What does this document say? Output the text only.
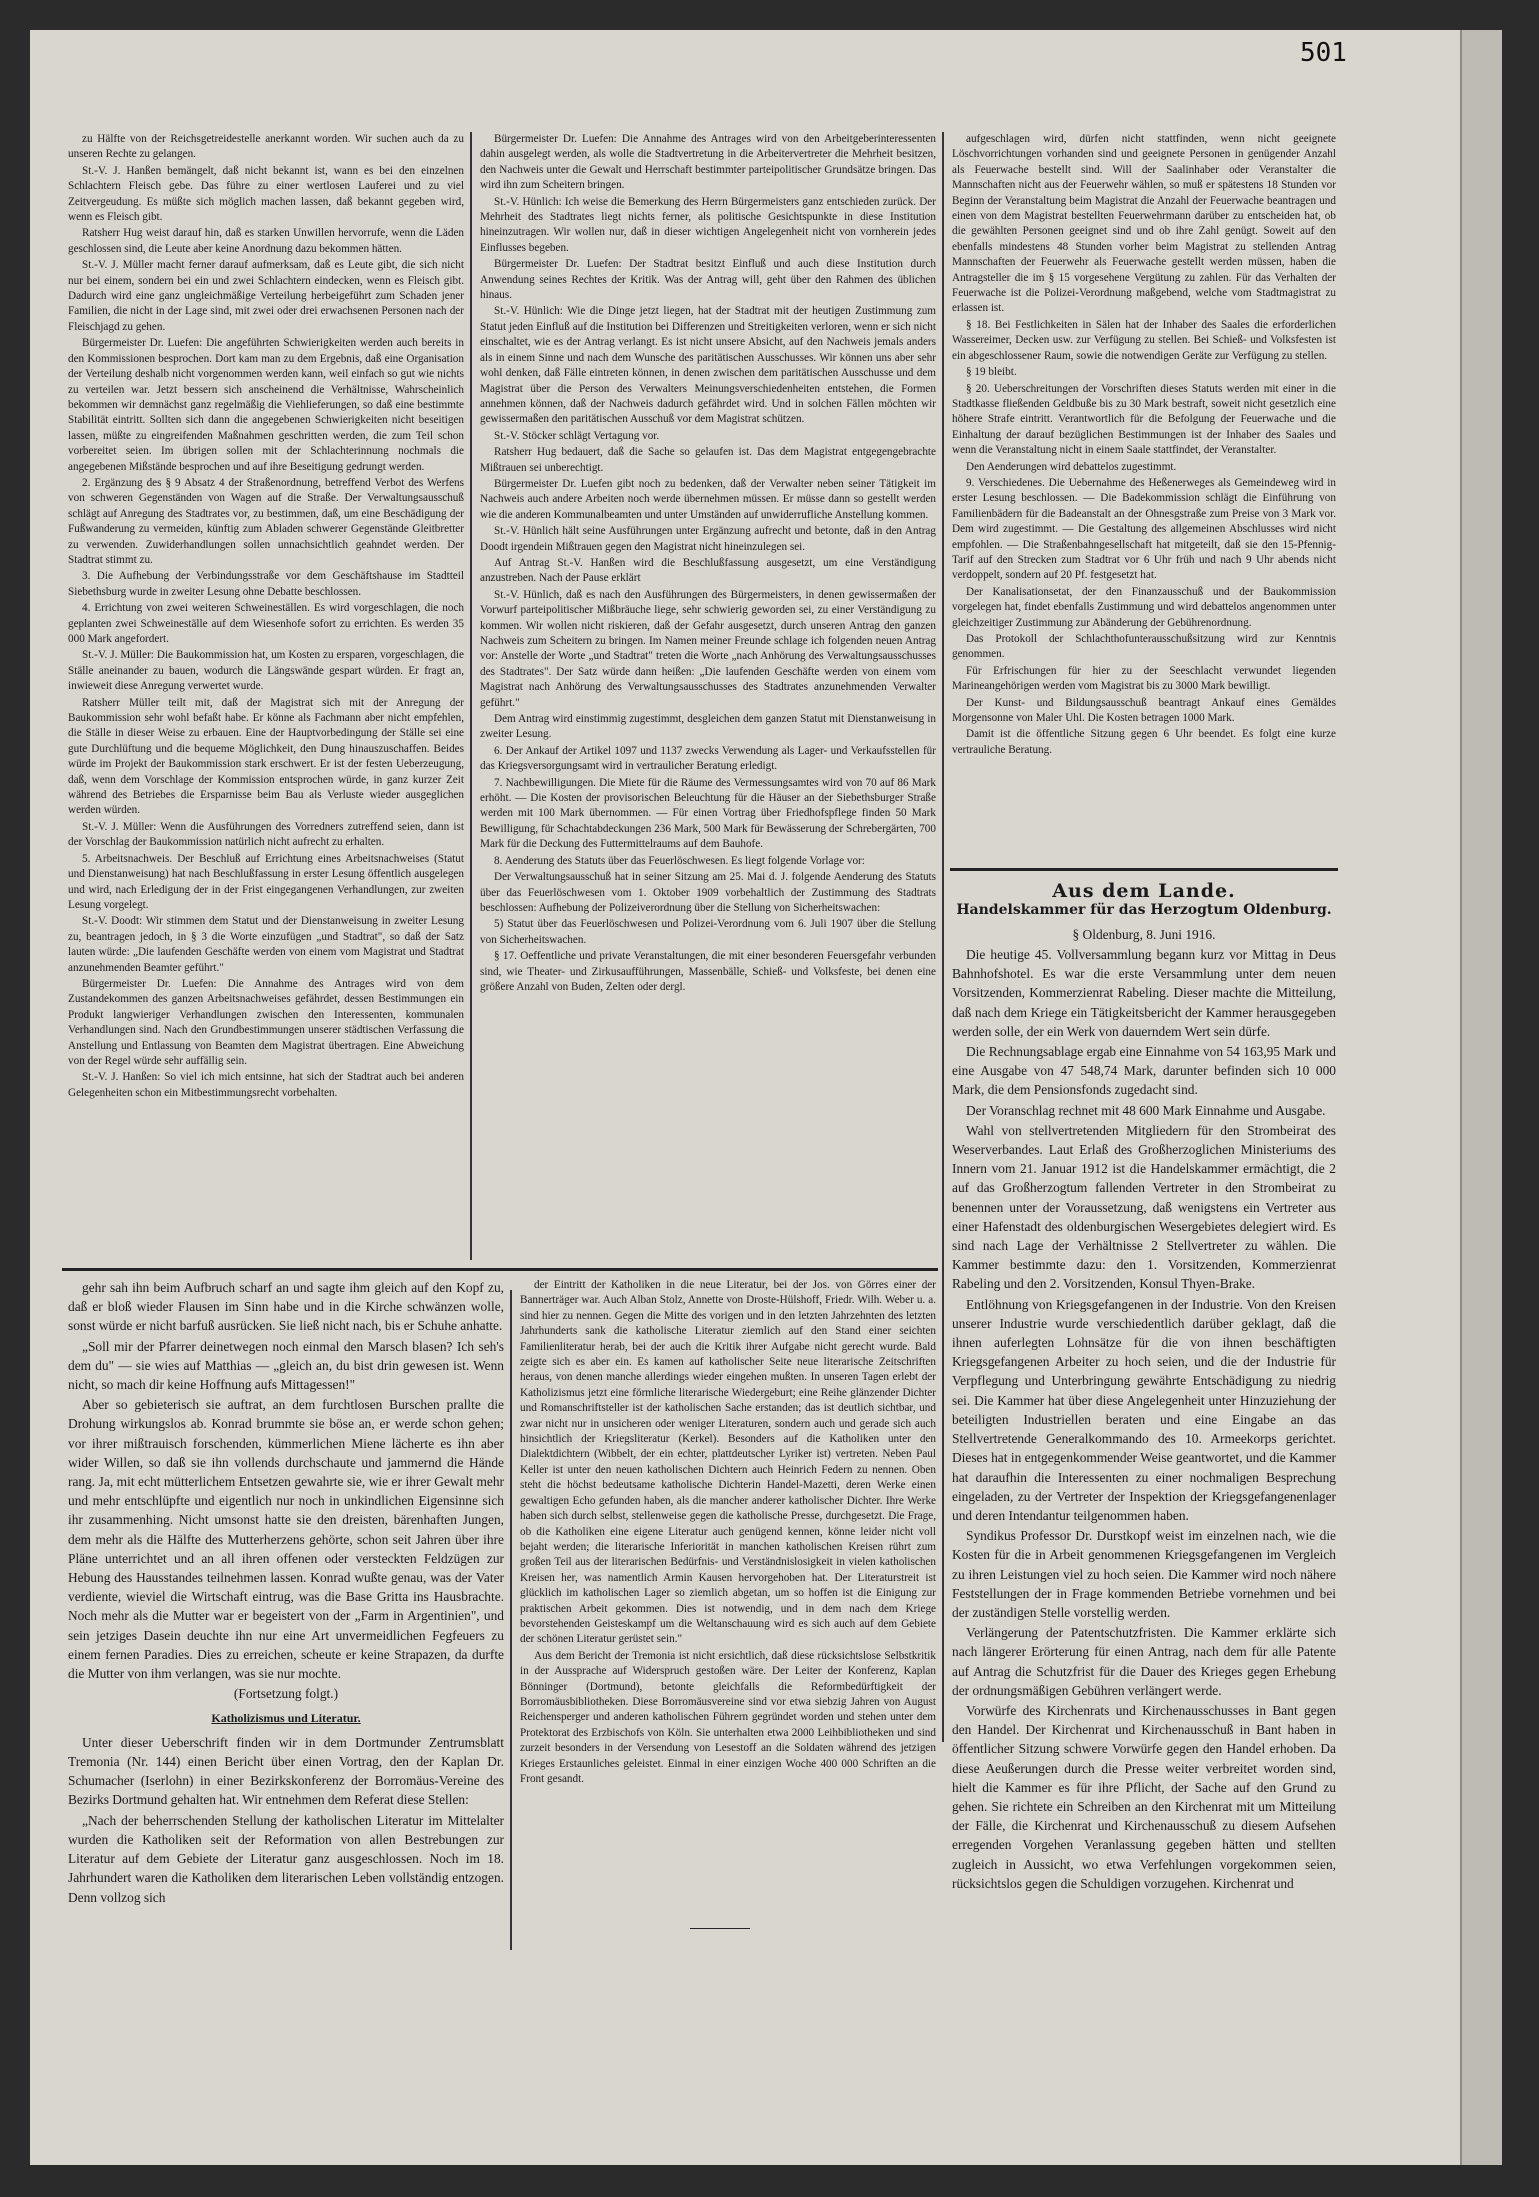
501

zu Hälfte von der Reichsgetreidestelle anerkannt worden. Wir suchen auch da zu unseren Rechte zu gelangen.

St.-V. J. Hanßen bemängelt, daß nicht bekannt ist, wann es bei den einzelnen Schlachtern Fleisch gebe. Das führe zu einer wertlosen Lauferei und zu viel Zeitvergeudung. Es müßte sich möglich machen lassen, daß bekannt gegeben wird, wenn es Fleisch gibt.

Ratsherr Hug weist darauf hin, daß es starken Unwillen hervorrufe, wenn die Läden geschlossen sind, die Leute aber keine Anordnung dazu bekommen hätten.

St.-V. J. Müller macht ferner darauf aufmerksam, daß es Leute gibt, die sich nicht nur bei einem, sondern bei ein und zwei Schlachtern eindecken, wenn es Fleisch gibt. Dadurch wird eine ganz ungleichmäßige Verteilung herbeigeführt zum Schaden jener Familien, die nicht in der Lage sind, mit zwei oder drei erwachsenen Personen nach der Fleischjagd zu gehen.

Bürgermeister Dr. Luefen: Die angeführten Schwierigkeiten werden auch bereits in den Kommissionen besprochen. Dort kam man zu dem Ergebnis, daß eine Organisation der Verteilung deshalb nicht vorgenommen werden kann, weil einfach so gut wie nichts zu verteilen war. Jetzt bessern sich anscheinend die Verhältnisse, Wahrscheinlich bekommen wir demnächst ganz regelmäßig die Viehlieferungen, so daß eine bestimmte Stabilität eintritt. Sollten sich dann die angegebenen Schwierigkeiten nicht beseitigen lassen, müßte zu eingreifenden Maßnahmen geschritten werden, die zum Teil schon vorbereitet seien. Im übrigen sollen mit der Schlachterinnung nochmals die angegebenen Mißstände besprochen und auf ihre Beseitigung gedrungt werden.

2. Ergänzung des § 9 Absatz 4 der Straßenordnung, betreffend Verbot des Werfens von schweren Gegenständen von Wagen auf die Straße. Der Verwaltungsausschuß schlägt auf Anregung des Stadtrates vor, zu bestimmen, daß, um eine Beschädigung der Fußwanderung zu vermeiden, künftig zum Abladen schwerer Gegenstände Gleitbretter zu verwenden. Zuwiderhandlungen sollen unnachsichtlich geahndet werden. Der Stadtrat stimmt zu.

3. Die Aufhebung der Verbindungsstraße vor dem Geschäftshause im Stadtteil Siebethsburg wurde in zweiter Lesung ohne Debatte beschlossen.

4. Errichtung von zwei weiteren Schweineställen. Es wird vorgeschlagen, die noch geplanten zwei Schweineställe auf dem Wiesenhofe sofort zu errichten. Es werden 35 000 Mark angefordert.

St.-V. J. Müller: Die Baukommission hat, um Kosten zu ersparen, vorgeschlagen, die Ställe aneinander zu bauen, wodurch die Längswände gespart würden. Er fragt an, inwieweit diese Anregung verwertet wurde.

Ratsherr Müller teilt mit, daß der Magistrat sich mit der Anregung der Baukommission sehr wohl befaßt habe. Er könne als Fachmann aber nicht empfehlen, die Ställe in dieser Weise zu erbauen. Eine der Hauptvorbedingung der Ställe sei eine gute Durchlüftung und die bequeme Möglichkeit, den Dung hinauszuschaffen. Beides würde im Projekt der Baukommission stark erschwert. Er ist der festen Ueberzeugung, daß, wenn dem Vorschlage der Kommission entsprochen würde, in ganz kurzer Zeit während des Betriebes die Ersparnisse beim Bau als Verluste wieder ausgeglichen werden würden.

St.-V. J. Müller: Wenn die Ausführungen des Vorredners zutreffend seien, dann ist der Vorschlag der Baukommission natürlich nicht aufrecht zu erhalten.

5. Arbeitsnachweis. Der Beschluß auf Errichtung eines Arbeitsnachweises (Statut und Dienstanweisung) hat nach Beschlußfassung in erster Lesung öffentlich ausgelegen und wird, nach Erledigung der in der Frist eingegangenen Verhandlungen, zur zweiten Lesung vorgelegt.

St.-V. Doodt: Wir stimmen dem Statut und der Dienstanweisung in zweiter Lesung zu, beantragen jedoch, in § 3 die Worte einzufügen „und Stadtrat", so daß der Satz lauten würde: „Die laufenden Geschäfte werden von einem vom Magistrat und Stadtrat anzunehmenden Beamter geführt."

Bürgermeister Dr. Luefen: Die Annahme des Antrages wird von dem Zustandekommen des ganzen Arbeitsnachweises gefährdet, dessen Bestimmungen ein Produkt langwieriger Verhandlungen zwischen den Interessenten, kommunalen Verhandlungen sind. Nach den Grundbestimmungen unserer städtischen Verfassung die Anstellung und Entlassung von Beamten dem Magistrat übertragen. Eine Abweichung von der Regel würde sehr auffällig sein.

St.-V. J. Hanßen: So viel ich mich entsinne, hat sich der Stadtrat auch bei anderen Gelegenheiten schon ein Mitbestimmungsrecht vorbehalten.

Bürgermeister Dr. Luefen: Die Annahme des Antrages wird von den Arbeitgeberinteressenten dahin ausgelegt werden, als wolle die Stadtvertretung in die Arbeitervertreter die Mehrheit besitzen, den Nachweis unter die Gewalt und Herrschaft bestimmter parteipolitischer Grundsätze bringen. Das wird ihn zum Scheitern bringen.

St.-V. Hünlich: Ich weise die Bemerkung des Herrn Bürgermeisters ganz entschieden zurück. Der Mehrheit des Stadtrates liegt nichts ferner, als politische Gesichtspunkte in diese Institution hineinzutragen. Wir wollen nur, daß in dieser wichtigen Angelegenheit nicht von vornherein jedes Einflusses begeben.

Bürgermeister Dr. Luefen: Der Stadtrat besitzt Einfluß und auch diese Institution durch Anwendung seines Rechtes der Kritik. Was der Antrag will, geht über den Rahmen des üblichen hinaus.

St.-V. Hünlich: Wie die Dinge jetzt liegen, hat der Stadtrat mit der heutigen Zustimmung zum Statut jeden Einfluß auf die Institution bei Differenzen und Streitigkeiten verloren, wenn er sich nicht einschaltet, wie es der Antrag verlangt. Es ist nicht unsere Absicht, auf den Nachweis jemals anders als in einem Sinne und nach dem Wunsche des paritätischen Ausschusses. Wir können uns aber sehr wohl denken, daß Fälle eintreten können, in denen zwischen dem paritätischen Ausschusse und dem Magistrat über die Person des Verwalters Meinungsverschiedenheiten entstehen, die Formen annehmen können, daß der Nachweis dadurch gefährdet wird. Und in solchen Fällen möchten wir gewissermaßen den paritätischen Ausschuß vor dem Magistrat schützen.

St.-V. Stöcker schlägt Vertagung vor.

Ratsherr Hug bedauert, daß die Sache so gelaufen ist. Das dem Magistrat entgegengebrachte Mißtrauen sei unberechtigt.

Bürgermeister Dr. Luefen gibt noch zu bedenken, daß der Verwalter neben seiner Tätigkeit im Nachweis auch andere Arbeiten noch werde übernehmen müssen. Er müsse dann so gestellt werden wie die anderen Kommunalbeamten und unter Umständen auf unwiderrufliche Anstellung kommen.

St.-V. Hünlich hält seine Ausführungen unter Ergänzung aufrecht und betonte, daß in den Antrag Doodt irgendein Mißtrauen gegen den Magistrat nicht hineinzulegen sei.

Auf Antrag St.-V. Hanßen wird die Beschlußfassung ausgesetzt, um eine Verständigung anzustreben. Nach der Pause erklärt

St.-V. Hünlich, daß es nach den Ausführungen des Bürgermeisters, in denen gewissermaßen der Vorwurf parteipolitischer Mißbräuche liege, sehr schwierig geworden sei, zu einer Verständigung zu kommen. Wir wollen nicht riskieren, daß der Gefahr ausgesetzt, durch unseren Antrag den ganzen Nachweis zum Scheitern zu bringen. Im Namen meiner Freunde schlage ich folgenden neuen Antrag vor: Anstelle der Worte „und Stadtrat" treten die Worte „nach Anhörung des Verwaltungsausschusses des Stadtrates". Der Satz würde dann heißen: „Die laufenden Geschäfte werden von einem vom Magistrat nach Anhörung des Verwaltungsausschusses des Stadtrates anzunehmenden Verwalter geführt."

Dem Antrag wird einstimmig zugestimmt, desgleichen dem ganzen Statut mit Dienstanweisung in zweiter Lesung.

6. Der Ankauf der Artikel 1097 und 1137 zwecks Verwendung als Lager- und Verkaufsstellen für das Kriegsversorgungsamt wird in vertraulicher Beratung erledigt.

7. Nachbewilligungen. Die Miete für die Räume des Vermessungsamtes wird von 70 auf 86 Mark erhöht. — Die Kosten der provisorischen Beleuchtung für die Häuser an der Siebethsburger Straße werden mit 100 Mark übernommen. — Für einen Vortrag über Friedhofspflege finden 50 Mark Bewilligung, für Schachtabdeckungen 236 Mark, 500 Mark für Bewässerung der Schrebergärten, 700 Mark für die Deckung des Futtermittelraums auf dem Bauhofe.

8. Aenderung des Statuts über das Feuerlöschwesen. Es liegt folgende Vorlage vor:

Der Verwaltungsausschuß hat in seiner Sitzung am 25. Mai d. J. folgende Aenderung des Statuts über das Feuerlöschwesen vom 1. Oktober 1909 vorbehaltlich der Zustimmung des Stadtrats beschlossen: Aufhebung der Polizeiverordnung über die Stellung von Sicherheitswachen:

5) Statut über das Feuerlöschwesen und Polizei-Verordnung vom 6. Juli 1907 über die Stellung von Sicherheitswachen.

§ 17. Oeffentliche und private Veranstaltungen, die mit einer besonderen Feuersgefahr verbunden sind, wie Theater- und Zirkusaufführungen, Massenbälle, Schieß- und Volksfeste, bei denen eine größere Anzahl von Buden, Zelten oder dergl.

aufgeschlagen wird, dürfen nicht stattfinden, wenn nicht geeignete Löschvorrichtungen vorhanden sind und geeignete Personen in genügender Anzahl als Feuerwache bestellt sind. Will der Saalinhaber oder Veranstalter die Mannschaften nicht aus der Feuerwehr wählen, so muß er spätestens 18 Stunden vor Beginn der Veranstaltung beim Magistrat die Anzahl der Feuerwache beantragen und einen von dem Magistrat bestellten Feuerwehrmann darüber zu entscheiden hat, ob die gewählten Personen geeignet sind und ob ihre Zahl genügt. Soweit auf den ebenfalls mindestens 48 Stunden vorher beim Magistrat zu stellenden Antrag Mannschaften der Feuerwehr als Feuerwache gestellt werden müssen, haben die Antragsteller die im § 15 vorgesehene Vergütung zu zahlen. Für das Verhalten der Feuerwache ist die Polizei-Verordnung maßgebend, welche vom Stadtmagistrat zu erlassen ist.

§ 18. Bei Festlichkeiten in Sälen hat der Inhaber des Saales die erforderlichen Wassereimer, Decken usw. zur Verfügung zu stellen. Bei Schieß- und Volksfesten ist ein abgeschlossener Raum, sowie die notwendigen Geräte zur Verfügung zu stellen.

§ 19 bleibt.

§ 20. Ueberschreitungen der Vorschriften dieses Statuts werden mit einer in die Stadtkasse fließenden Geldbuße bis zu 30 Mark bestraft, soweit nicht gesetzlich eine höhere Strafe eintritt. Verantwortlich für die Befolgung der Feuerwache und die Einhaltung der darauf bezüglichen Bestimmungen ist der Inhaber des Saales und wenn die Veranstaltung nicht in einem Saale stattfindet, der Veranstalter.

Den Aenderungen wird debattelos zugestimmt.

9. Verschiedenes. Die Uebernahme des Heßenerweges als Gemeindeweg wird in erster Lesung beschlossen. — Die Badekommission schlägt die Einführung von Familienbädern für die Badeanstalt an der Ohnesgstraße zum Preise von 3 Mark vor. Dem wird zugestimmt. — Die Gestaltung des allgemeinen Abschlusses wird nicht empfohlen. — Die Straßenbahngesellschaft hat mitgeteilt, daß sie den 15-Pfennig-Tarif auf den Strecken zum Stadtrat vor 6 Uhr früh und nach 9 Uhr abends nicht verdoppelt, sondern auf 20 Pf. festgesetzt hat.

Der Kanalisationsetat, der den Finanzausschuß und der Baukommission vorgelegen hat, findet ebenfalls Zustimmung und wird debattelos angenommen unter gleichzeitiger Zustimmung zur Abänderung der Gebührenordnung.

Das Protokoll der Schlachthofunterausschußsitzung wird zur Kenntnis genommen.

Für Erfrischungen für hier zu der Seeschlacht verwundet liegenden Marineangehörigen werden vom Magistrat bis zu 3000 Mark bewilligt.

Der Kunst- und Bildungsausschuß beantragt Ankauf eines Gemäldes Morgensonne von Maler Uhl. Die Kosten betragen 1000 Mark.

Damit ist die öffentliche Sitzung gegen 6 Uhr beendet. Es folgt eine kurze vertrauliche Beratung.

Aus dem Lande.
Handelskammer für das Herzogtum Oldenburg.

§ Oldenburg, 8. Juni 1916.

Die heutige 45. Vollversammlung begann kurz vor Mittag in Deus Bahnhofshotel. Es war die erste Versammlung unter dem neuen Vorsitzenden, Kommerzienrat Rabeling. Dieser machte die Mitteilung, daß nach dem Kriege ein Tätigkeitsbericht der Kammer herausgegeben werden solle, der ein Werk von dauerndem Wert sein dürfe.

Die Rechnungsablage ergab eine Einnahme von 54 163,95 Mark und eine Ausgabe von 47 548,74 Mark, darunter befinden sich 10 000 Mark, die dem Pensionsfonds zugedacht sind.

Der Voranschlag rechnet mit 48 600 Mark Einnahme und Ausgabe.

Wahl von stellvertretenden Mitgliedern für den Strombeirat des Weserverbandes. Laut Erlaß des Großherzoglichen Ministeriums des Innern vom 21. Januar 1912 ist die Handelskammer ermächtigt, die 2 auf das Großherzogtum fallenden Vertreter in den Strombeirat zu benennen unter der Voraussetzung, daß wenigstens ein Vertreter aus einer Hafenstadt des oldenburgischen Wesergebietes delegiert wird. Es sind nach Lage der Verhältnisse 2 Stellvertreter zu wählen. Die Kammer bestimmte dazu: den 1. Vorsitzenden, Kommerzienrat Rabeling und den 2. Vorsitzenden, Konsul Thyen-Brake.

Entlöhnung von Kriegsgefangenen in der Industrie. Von den Kreisen unserer Industrie wurde verschiedentlich darüber geklagt, daß die ihnen auferlegten Lohnsätze für die von ihnen beschäftigten Kriegsgefangenen Arbeiter zu hoch seien, und die der Industrie für Verpflegung und Unterbringung gewährte Entschädigung zu niedrig sei. Die Kammer hat über diese Angelegenheit unter Hinzuziehung der beteiligten Industriellen beraten und eine Eingabe an das Stellvertretende Generalkommando des 10. Armeekorps gerichtet. Dieses hat in entgegenkommender Weise geantwortet, und die Kammer hat daraufhin die Interessenten zu einer nochmaligen Besprechung eingeladen, zu der Vertreter der Inspektion der Kriegsgefangenenlager und deren Intendantur teilgenommen haben.

Syndikus Professor Dr. Durstkopf weist im einzelnen nach, wie die Kosten für die in Arbeit genommenen Kriegsgefangenen im Vergleich zu ihren Leistungen viel zu hoch seien. Die Kammer wird noch nähere Feststellungen der in Frage kommenden Betriebe vornehmen und bei der zuständigen Stelle vorstellig werden.

Verlängerung der Patentschutzfristen. Die Kammer erklärte sich nach längerer Erörterung für einen Antrag, nach dem für alle Patente auf Antrag die Schutzfrist für die Dauer des Krieges gegen Erhebung der ordnungsmäßigen Gebühren verlängert werde.

Vorwürfe des Kirchenrats und Kirchenausschusses in Bant gegen den Handel. Der Kirchenrat und Kirchenausschuß in Bant haben in öffentlicher Sitzung schwere Vorwürfe gegen den Handel erhoben. Da diese Aeußerungen durch die Presse weiter verbreitet worden sind, hielt die Kammer es für ihre Pflicht, der Sache auf den Grund zu gehen. Sie richtete ein Schreiben an den Kirchenrat mit um Mitteilung der Fälle, die Kirchenrat und Kirchenausschuß zu diesem Aufsehen erregenden Vorgehen Veranlassung gegeben hätten und stellten zugleich in Aussicht, wo etwa Verfehlungen vorgekommen seien, rücksichtslos gegen die Schuldigen vorzugehen. Kirchenrat und

gehr sah ihn beim Aufbruch scharf an und sagte ihm gleich auf den Kopf zu, daß er bloß wieder Flausen im Sinn habe und in die Kirche schwänzen wolle, sonst würde er nicht barfuß ausrücken. Sie ließ nicht nach, bis er Schuhe anhatte.

„Soll mir der Pfarrer deinetwegen noch einmal den Marsch blasen? Ich seh's dem du" — sie wies auf Matthias — „gleich an, du bist drin gewesen ist. Wenn nicht, so mach dir keine Hoffnung aufs Mittagessen!"

Aber so gebieterisch sie auftrat, an dem furchtlosen Burschen prallte die Drohung wirkungslos ab. Konrad brummte sie böse an, er werde schon gehen; vor ihrer mißtrauisch forschenden, kümmerlichen Miene lächerte es ihn aber wider Willen, so daß sie ihn vollends durchschaute und jammernd die Hände rang. Ja, mit echt mütterlichem Entsetzen gewahrte sie, wie er ihrer Gewalt mehr und mehr entschlüpfte und eigentlich nur noch in unkindlichen Eigensinne sich ihr zusammenhing. Nicht umsonst hatte sie den dreisten, bärenhaften Jungen, dem mehr als die Hälfte des Mutterherzens gehörte, schon seit Jahren über ihre Pläne unterrichtet und an all ihren offenen oder versteckten Feldzügen zur Hebung des Hausstandes teilnehmen lassen. Konrad wußte genau, was der Vater verdiente, wieviel die Wirtschaft eintrug, was die Base Gritta ins Hausbrachte. Noch mehr als die Mutter war er begeistert von der „Farm in Argentinien", und sein jetziges Dasein deuchte ihn nur eine Art unvermeidlichen Fegfeuers zu einem fernen Paradies. Dies zu erreichen, scheute er keine Strapazen, da durfte die Mutter von ihm verlangen, was sie nur mochte.

(Fortsetzung folgt.)

Katholizismus und Literatur.

Unter dieser Ueberschrift finden wir in dem Dortmunder Zentrumsblatt Tremonia (Nr. 144) einen Bericht über einen Vortrag, den der Kaplan Dr. Schumacher (Iserlohn) in einer Bezirkskonferenz der Borromäus-Vereine des Bezirks Dortmund gehalten hat. Wir entnehmen dem Referat diese Stellen:

„Nach der beherrschenden Stellung der katholischen Literatur im Mittelalter wurden die Katholiken seit der Reformation von allen Bestrebungen zur Literatur auf dem Gebiete der Literatur ganz ausgeschlossen. Noch im 18. Jahrhundert waren die Katholiken dem literarischen Leben vollständig entzogen. Denn vollzog sich

der Eintritt der Katholiken in die neue Literatur, bei der Jos. von Görres einer der Bannerträger war. Auch Alban Stolz, Annette von Droste-Hülshoff, Friedr. Wilh. Weber u. a. sind hier zu nennen. Gegen die Mitte des vorigen und in den letzten Jahrzehnten des letzten Jahrhunderts sank die katholische Literatur ziemlich auf den Stand einer seichten Familienliteratur herab, bei der auch die Kritik ihrer Aufgabe nicht gerecht wurde. Bald zeigte sich es aber ein. Es kamen auf katholischer Seite neue literarische Zeitschriften heraus, von denen manche allerdings wieder eingehen mußten. In unseren Tagen erlebt der Katholizismus jetzt eine förmliche literarische Wiedergeburt; eine Reihe glänzender Dichter und Romanschriftsteller ist der katholischen Sache erstanden; das ist deutlich sichtbar, und zwar nicht nur in unsicheren oder weniger Literaturen, sondern auch und gerade sich auch hinsichtlich der Kriegsliteratur (Kerkel). Besonders auf die Katholiken unter den Dialektdichtern (Wibbelt, der ein echter, plattdeutscher Lyriker ist) vertreten. Neben Paul Keller ist unter den neuen katholischen Dichtern auch Heinrich Federn zu nennen. Oben steht die höchst bedeutsame katholische Dichterin Handel-Mazetti, deren Werke einen gewaltigen Echo gefunden haben, als die mancher anderer katholischer Dichter. Ihre Werke haben sich durch selbst, stellenweise gegen die katholische Presse, durchgesetzt. Die Frage, ob die Katholiken eine eigene Literatur auch genügend kennen, könne leider nicht voll bejaht werden; die literarische Inferiorität in manchen katholischen Kreisen rührt zum großen Teil aus der literarischen Bedürfnis- und Verständnislosigkeit in vielen katholischen Kreisen her, was namentlich Armin Kausen hervorgehoben hat. Der Literaturstreit ist glücklich im katholischen Lager so ziemlich abgetan, um so hoffen ist die Einigung zur praktischen Arbeit gekommen. Dies ist notwendig, und in dem nach dem Kriege bevorstehenden Geisteskampf um die Weltanschauung wird es sich auch auf dem Gebiete der schönen Literatur gerüstet sein."

Aus dem Bericht der Tremonia ist nicht ersichtlich, daß diese rücksichtslose Selbstkritik in der Aussprache auf Widerspruch gestoßen wäre. Der Leiter der Konferenz, Kaplan Bönninger (Dortmund), betonte gleichfalls die Reformbedürftigkeit der Borromäusbibliotheken. Diese Borromäusvereine sind vor etwa siebzig Jahren von August Reichensperger und anderen katholischen Führern gegründet worden und stehen unter dem Protektorat des Erzbischofs von Köln. Sie unterhalten etwa 2000 Leihbibliotheken und sind zurzeit besonders in der Versendung von Lesestoff an die Soldaten während des jetzigen Krieges Erstaunliches geleistet. Einmal in einer einzigen Woche 400 000 Schriften an die Front gesandt.
